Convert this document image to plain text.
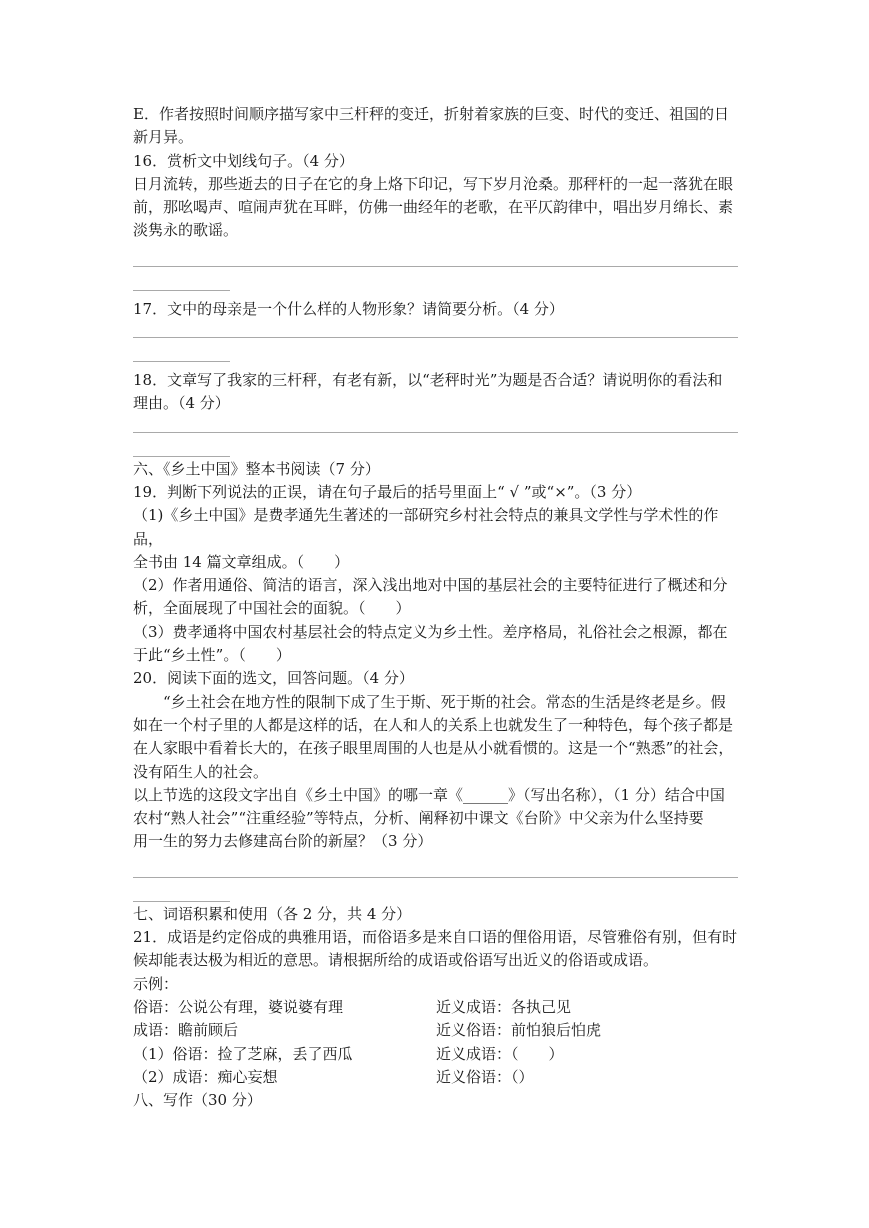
E．作者按照时间顺序描写家中三杆秤的变迁，折射着家族的巨变、时代的变迁、祖国的日

新月异。

16．赏析文中划线句子。（4 分）

日月流转，那些逝去的日子在它的身上烙下印记，写下岁月沧桑。那秤杆的一起一落犹在眼

前，那吆喝声、喧闹声犹在耳畔，仿佛一曲经年的老歌，在平仄韵律中，唱出岁月绵长、素

淡隽永的歌谣。

17．文中的母亲是一个什么样的人物形象？请简要分析。（4 分）

18．文章写了我家的三杆秤，有老有新，以“老秤时光”为题是否合适？请说明你的看法和

理由。（4 分）

六、《乡土中国》整本书阅读（7 分）

19．判断下列说法的正误，请在句子最后的括号里面上“ √ ”或“×”。（3 分）

（1)《乡土中国》是费孝通先生著述的一部研究乡村社会特点的兼具文学性与学术性的作品，

全书由 14 篇文章组成。（　　）

（2）作者用通俗、简洁的语言，深入浅出地对中国的基层社会的主要特征进行了概述和分

析，全面展现了中国社会的面貌。（　　）

（3）费孝通将中国农村基层社会的特点定义为乡土性。差序格局，礼俗社会之根源，都在

于此“乡土性”。（　　）

20．阅读下面的选文，回答问题。（4 分）

“乡土社会在地方性的限制下成了生于斯、死于斯的社会。常态的生活是终老是乡。假

如在一个村子里的人都是这样的话，在人和人的关系上也就发生了一种特色，每个孩子都是

在人家眼中看着长大的，在孩子眼里周围的人也是从小就看惯的。这是一个“熟悉”的社会，

没有陌生人的社会。

以上节选的这段文字出自《乡土中国》的哪一章《______》（写出名称），（1 分）结合中国

农村“熟人社会”“注重经验”等特点，分析、阐释初中课文《台阶》中父亲为什么坚持要

用一生的努力去修建高台阶的新屋？（3 分）

七、词语积累和使用（各 2 分，共 4 分）

21．成语是约定俗成的典雅用语，而俗语多是来自口语的俚俗用语，尽管雅俗有别，但有时

候却能表达极为相近的意思。请根据所给的成语或俗语写出近义的俗语或成语。

示例：

俗语：公说公有理，婆说婆有理	近义成语：各执己见
成语：瞻前顾后	近义俗语：前怕狼后怕虎
（1）俗语：捡了芝麻，丢了西瓜	近义成语：（　　）
（2）成语：痴心妄想	近义俗语：（）

八、写作（30 分）
